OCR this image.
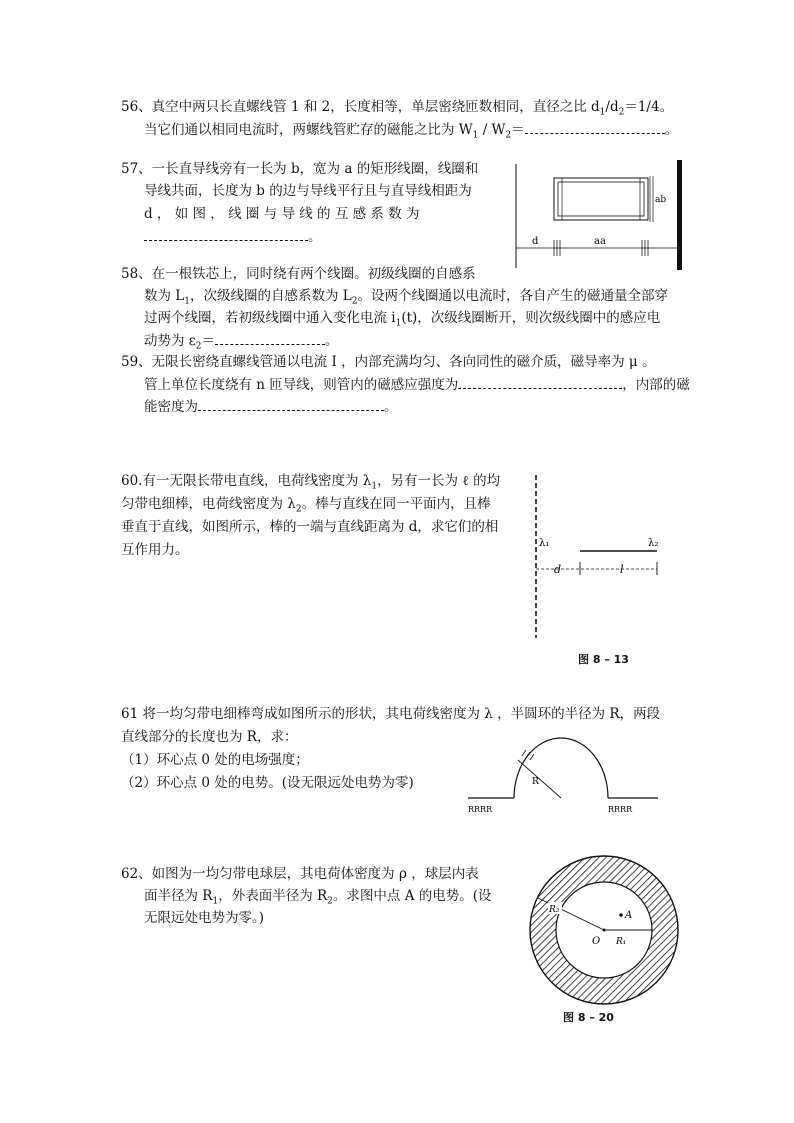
56、真空中两只长直螺线管 1 和 2，长度相等，单层密绕匝数相同，直径之比 $d_1/d_2=1/4$。
当它们通以相同电流时，两螺线管贮存的磁能之比为 $W_1 / W_2=$	。
57、一长直导线旁有一长为 b，宽为 a 的矩形线圈，线圈和
导线共面，长度为 b 的边与导线平行且与直导线相距为
d ， 如 图 ， 线 圈 与 导 线 的 互 感 系 数 为
。
ab
d	aa
58、在一根铁芯上，同时绕有两个线圈。初级线圈的自感系
数为 $L_1$，次级线圈的自感系数为 $L_2$。设两个线圈通以电流时，各自产生的磁通量全部穿
过两个线圈，若初级线圈中通入变化电流 $i_1(t)$，次级线圈断开，则次级线圈中的感应电
动势为 $\varepsilon_2=$	。
59、无限长密绕直螺线管通以电流 I ，内部充满均匀、各向同性的磁介质，磁导率为 μ 。
管上单位长度绕有 n 匝导线，则管内的磁感应强度为	，内部的磁
能密度为	。
60.有一无限长带电直线，电荷线密度为 $\lambda_1$，另有一长为 ℓ 的均
匀带电细棒，电荷线密度为 $\lambda_2$。棒与直线在同一平面内，且棒
垂直于直线，如图所示，棒的一端与直线距离为 d，求它们的相
互作用力。	λ₁	λ₂
d	l
图 8 – 13
61 将一均匀带电细棒弯成如图所示的形状，其电荷线密度为 λ ，半圆环的半径为 R，两段
直线部分的长度也为 R，求：
（1）环心点 0 处的电场强度；
（2）环心点 0 处的电势。(设无限远处电势为零)	R
RRRR	RRRR
62、如图为一均匀带电球层，其电荷体密度为 ρ ，球层内表
面半径为 $R_1$，外表面半径为 $R_2$。求图中点 A 的电势。(设
无限远处电势为零。)	A
O R₁
R₂
图 8 – 20
